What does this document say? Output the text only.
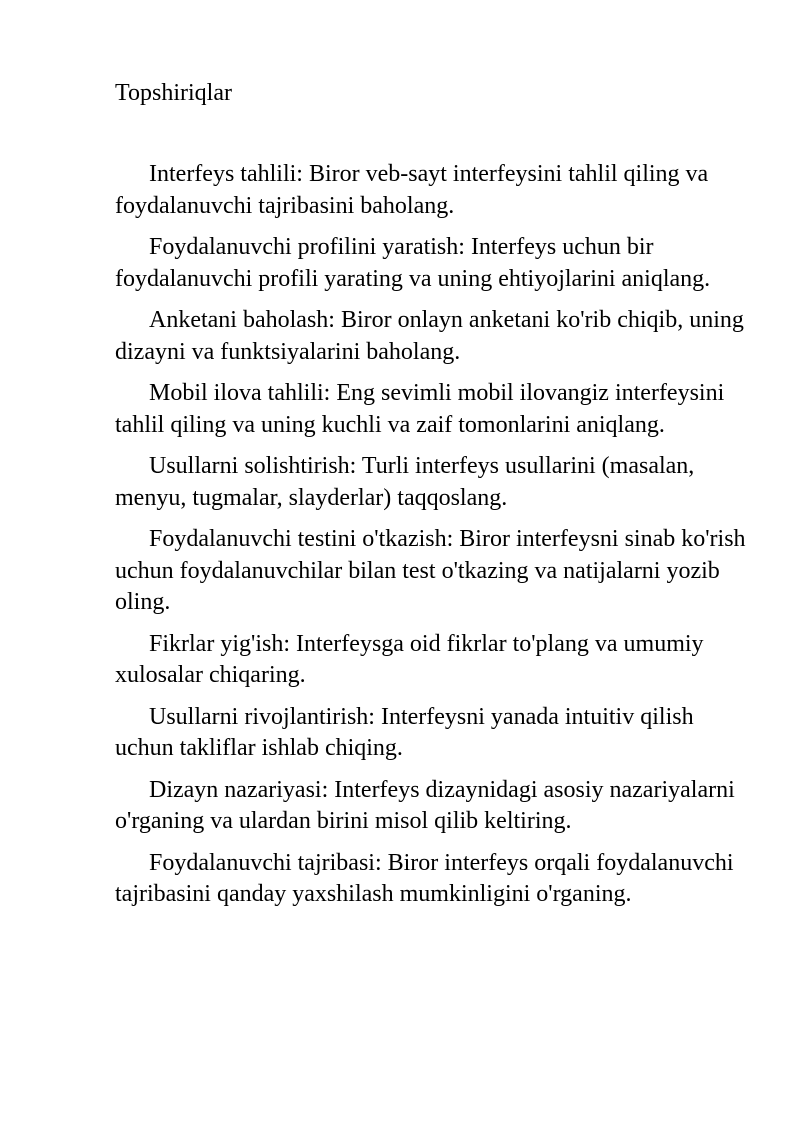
Topshiriqlar

Interfeys tahlili: Biror veb-sayt interfeysini tahlil qiling va foydalanuvchi tajribasini baholang.

Foydalanuvchi profilini yaratish: Interfeys uchun bir foydalanuvchi profili yarating va uning ehtiyojlarini aniqlang.

Anketani baholash: Biror onlayn anketani ko'rib chiqib, uning dizayni va funktsiyalarini baholang.

Mobil ilova tahlili: Eng sevimli mobil ilovangiz interfeysini tahlil qiling va uning kuchli va zaif tomonlarini aniqlang.

Usullarni solishtirish: Turli interfeys usullarini (masalan, menyu, tugmalar, slayderlar) taqqoslang.

Foydalanuvchi testini o'tkazish: Biror interfeysni sinab ko'rish uchun foydalanuvchilar bilan test o'tkazing va natijalarni yozib oling.

Fikrlar yig'ish: Interfeysga oid fikrlar to'plang va umumiy xulosalar chiqaring.

Usullarni rivojlantirish: Interfeysni yanada intuitiv qilish uchun takliflar ishlab chiqing.

Dizayn nazariyasi: Interfeys dizaynidagi asosiy nazariyalarni o'rganing va ulardan birini misol qilib keltiring.

Foydalanuvchi tajribasi: Biror interfeys orqali foydalanuvchi tajribasini qanday yaxshilash mumkinligini o'rganing.
